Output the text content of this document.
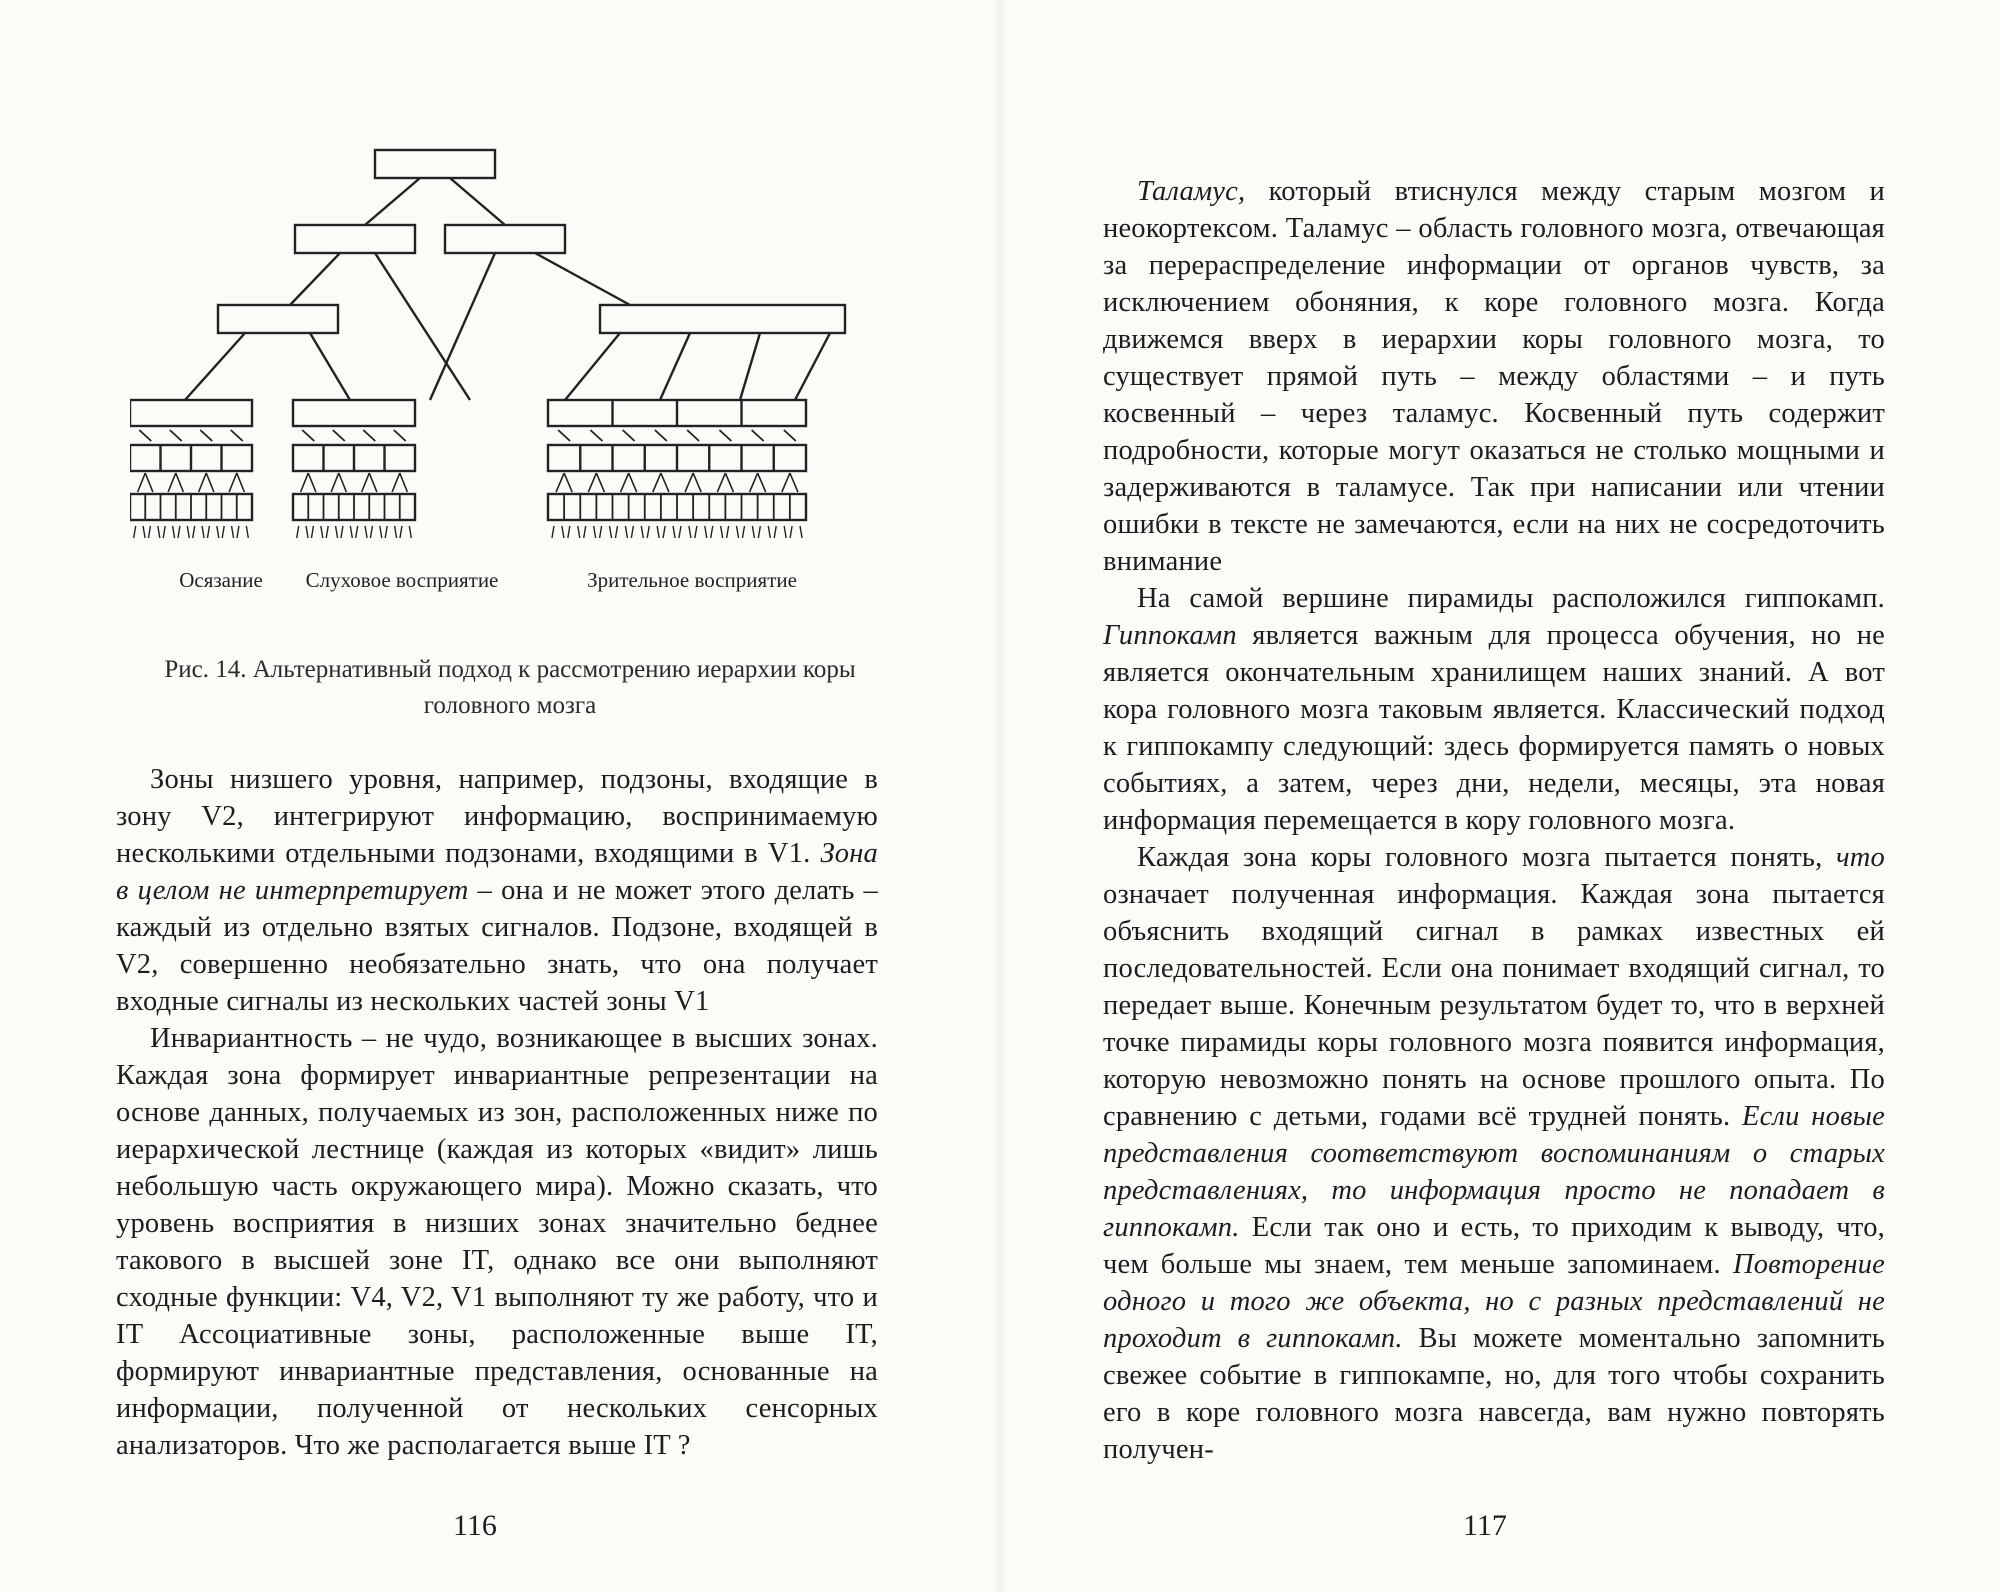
Осязание Слуховое восприятие	Зрительное восприятие
Рис. 14. Альтернативный подход к рассмотрению иерархии коры головного мозга

Зоны низшего уровня, например, подзоны, входящие в зону V2, интегрируют информацию, воспринимаемую несколькими отдельными подзонами, входящими в V1. Зона в целом не интерпретирует – она и не может этого делать – каждый из отдельно взятых сигналов. Подзоне, входящей в V2, совершенно необязательно знать, что она получает входные сигналы из нескольких частей зоны V1

Инвариантность – не чудо, возникающее в высших зонах. Каждая зона формирует инвариантные репрезентации на основе данных, получаемых из зон, расположенных ниже по иерархической лестнице (каждая из которых «видит» лишь небольшую часть окружающего мира). Можно сказать, что уровень восприятия в низших зонах значительно беднее такового в высшей зоне IT, однако все они выполняют сходные функции: V4, V2, V1 выполняют ту же работу, что и IT Ассоциативные зоны, расположенные выше IT, формируют инвариантные представления, основанные на информации, полученной от нескольких сенсорных анализаторов. Что же располагается выше IT ?

116

Таламус, который втиснулся между старым мозгом и неокортексом. Таламус – область головного мозга, отвечающая за перераспределение информации от органов чувств, за исключением обоняния, к коре головного мозга. Когда движемся вверх в иерархии коры головного мозга, то существует прямой путь – между областями – и путь косвенный – через таламус. Косвенный путь содержит подробности, которые могут оказаться не столько мощными и задерживаются в таламусе. Так при написании или чтении ошибки в тексте не замечаются, если на них не сосредоточить внимание

На самой вершине пирамиды расположился гиппокамп. Гиппокамп является важным для процесса обучения, но не является окончательным хранилищем наших знаний. А вот кора головного мозга таковым является. Классический подход к гиппокампу следующий: здесь формируется память о новых событиях, а затем, через дни, недели, месяцы, эта новая информация перемещается в кору головного мозга.

Каждая зона коры головного мозга пытается понять, что означает полученная информация. Каждая зона пытается объяснить входящий сигнал в рамках известных ей последовательностей. Если она понимает входящий сигнал, то передает выше. Конечным результатом будет то, что в верхней точке пирамиды коры головного мозга появится информация, которую невозможно понять на основе прошлого опыта. По сравнению с детьми, годами всё трудней понять. Если новые представления соответствуют воспоминаниям о старых представлениях, то информация просто не попадает в гиппокамп. Если так оно и есть, то приходим к выводу, что, чем больше мы знаем, тем меньше запоминаем. Повторение одного и того же объекта, но с разных представлений не проходит в гиппокамп. Вы можете моментально запомнить свежее событие в гиппокампе, но, для того чтобы сохранить его в коре головного мозга навсегда, вам нужно повторять получен-

117
